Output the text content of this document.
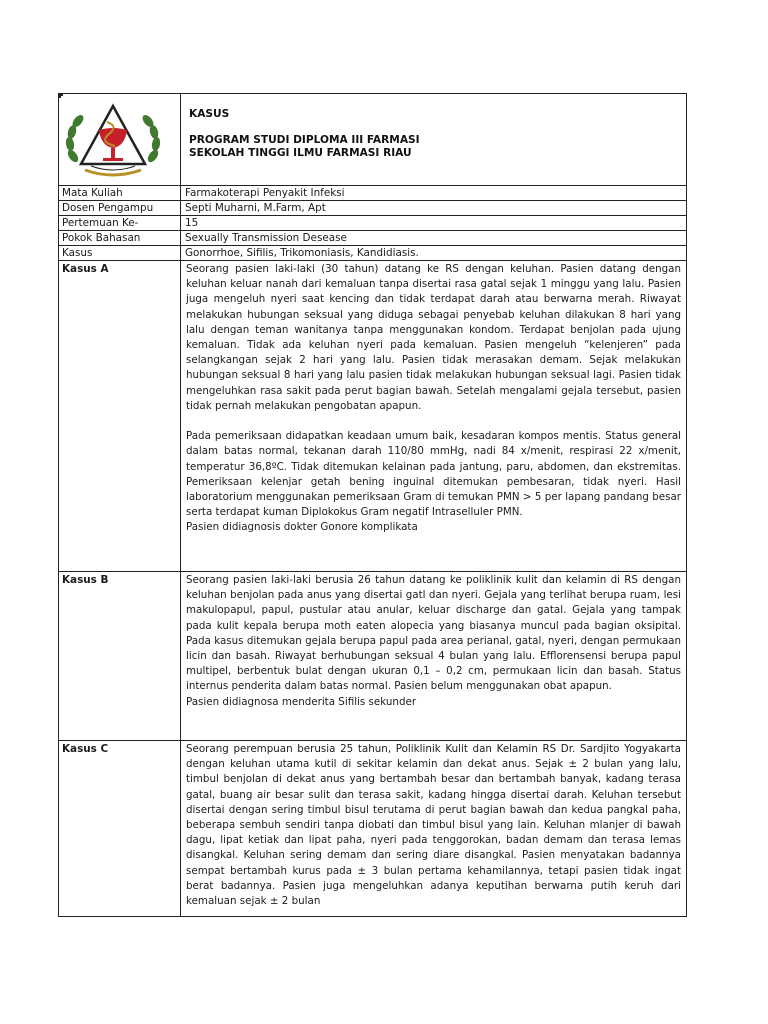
KASUS
PROGRAM STUDI DIPLOMA III FARMASI
SEKOLAH TINGGI ILMU FARMASI RIAU

Mata Kuliah	Farmakoterapi Penyakit Infeksi
Dosen Pengampu	Septi Muharni, M.Farm, Apt
Pertemuan Ke-	15
Pokok Bahasan	Sexually Transmission Desease
Kasus	Gonorrhoe, Sifilis, Trikomoniasis, Kandidiasis.
Kasus A	Seorang pasien laki-laki (30 tahun) datang ke RS dengan keluhan. Pasien datang dengan keluhan keluar nanah dari kemaluan tanpa disertai rasa gatal sejak 1 minggu yang lalu. Pasien juga mengeluh nyeri saat kencing dan tidak terdapat darah atau berwarna merah. Riwayat melakukan hubungan seksual yang diduga sebagai penyebab keluhan dilakukan 8 hari yang lalu dengan teman wanitanya tanpa menggunakan kondom. Terdapat benjolan pada ujung kemaluan. Tidak ada keluhan nyeri pada kemaluan. Pasien mengeluh “kelenjeren” pada selangkangan sejak 2 hari yang lalu. Pasien tidak merasakan demam. Sejak melakukan hubungan seksual 8 hari yang lalu pasien tidak melakukan hubungan seksual lagi. Pasien tidak mengeluhkan rasa sakit pada perut bagian bawah. Setelah mengalami gejala tersebut, pasien tidak pernah melakukan pengobatan apapun.

Pada pemeriksaan didapatkan keadaan umum baik, kesadaran kompos mentis. Status general dalam batas normal, tekanan darah 110/80 mmHg, nadi 84 x/menit, respirasi 22 x/menit, temperatur 36,8ºC. Tidak ditemukan kelainan pada jantung, paru, abdomen, dan ekstremitas. Pemeriksaan kelenjar getah bening inguinal ditemukan pembesaran, tidak nyeri. Hasil laboratorium menggunakan pemeriksaan Gram di temukan PMN > 5 per lapang pandang besar serta terdapat kuman Diplokokus Gram negatif Intraselluler PMN.

Pasien didiagnosis dokter Gonore komplikata

Kasus B	Seorang pasien laki-laki berusia 26 tahun datang ke poliklinik kulit dan kelamin di RS dengan keluhan benjolan pada anus yang disertai gatl dan nyeri. Gejala yang terlihat berupa ruam, lesi makulopapul, papul, pustular atau anular, keluar discharge dan gatal. Gejala yang tampak pada kulit kepala berupa moth eaten alopecia yang biasanya muncul pada bagian oksipital. Pada kasus ditemukan gejala berupa papul pada area perianal, gatal, nyeri, dengan permukaan licin dan basah. Riwayat berhubungan seksual 4 bulan yang lalu. Efflorensensi berupa papul multipel, berbentuk bulat dengan ukuran 0,1 – 0,2 cm, permukaan licin dan basah. Status internus penderita dalam batas normal. Pasien belum menggunakan obat apapun.

Pasien didiagnosa menderita Sifilis sekunder

Kasus C	Seorang perempuan berusia 25 tahun, Poliklinik Kulit dan Kelamin RS Dr. Sardjito Yogyakarta dengan keluhan utama kutil di sekitar kelamin dan dekat anus. Sejak ± 2 bulan yang lalu, timbul benjolan di dekat anus yang bertambah besar dan bertambah banyak, kadang terasa gatal, buang air besar sulit dan terasa sakit, kadang hingga disertai darah. Keluhan tersebut disertai dengan sering timbul bisul terutama di perut bagian bawah dan kedua pangkal paha, beberapa sembuh sendiri tanpa diobati dan timbul bisul yang lain. Keluhan mlanjer di bawah dagu, lipat ketiak dan lipat paha, nyeri pada tenggorokan, badan demam dan terasa lemas disangkal. Keluhan sering demam dan sering diare disangkal. Pasien menyatakan badannya sempat bertambah kurus pada ± 3 bulan pertama kehamilannya, tetapi pasien tidak ingat berat badannya. Pasien juga mengeluhkan adanya keputihan berwarna putih keruh dari kemaluan sejak ± 2 bulan
